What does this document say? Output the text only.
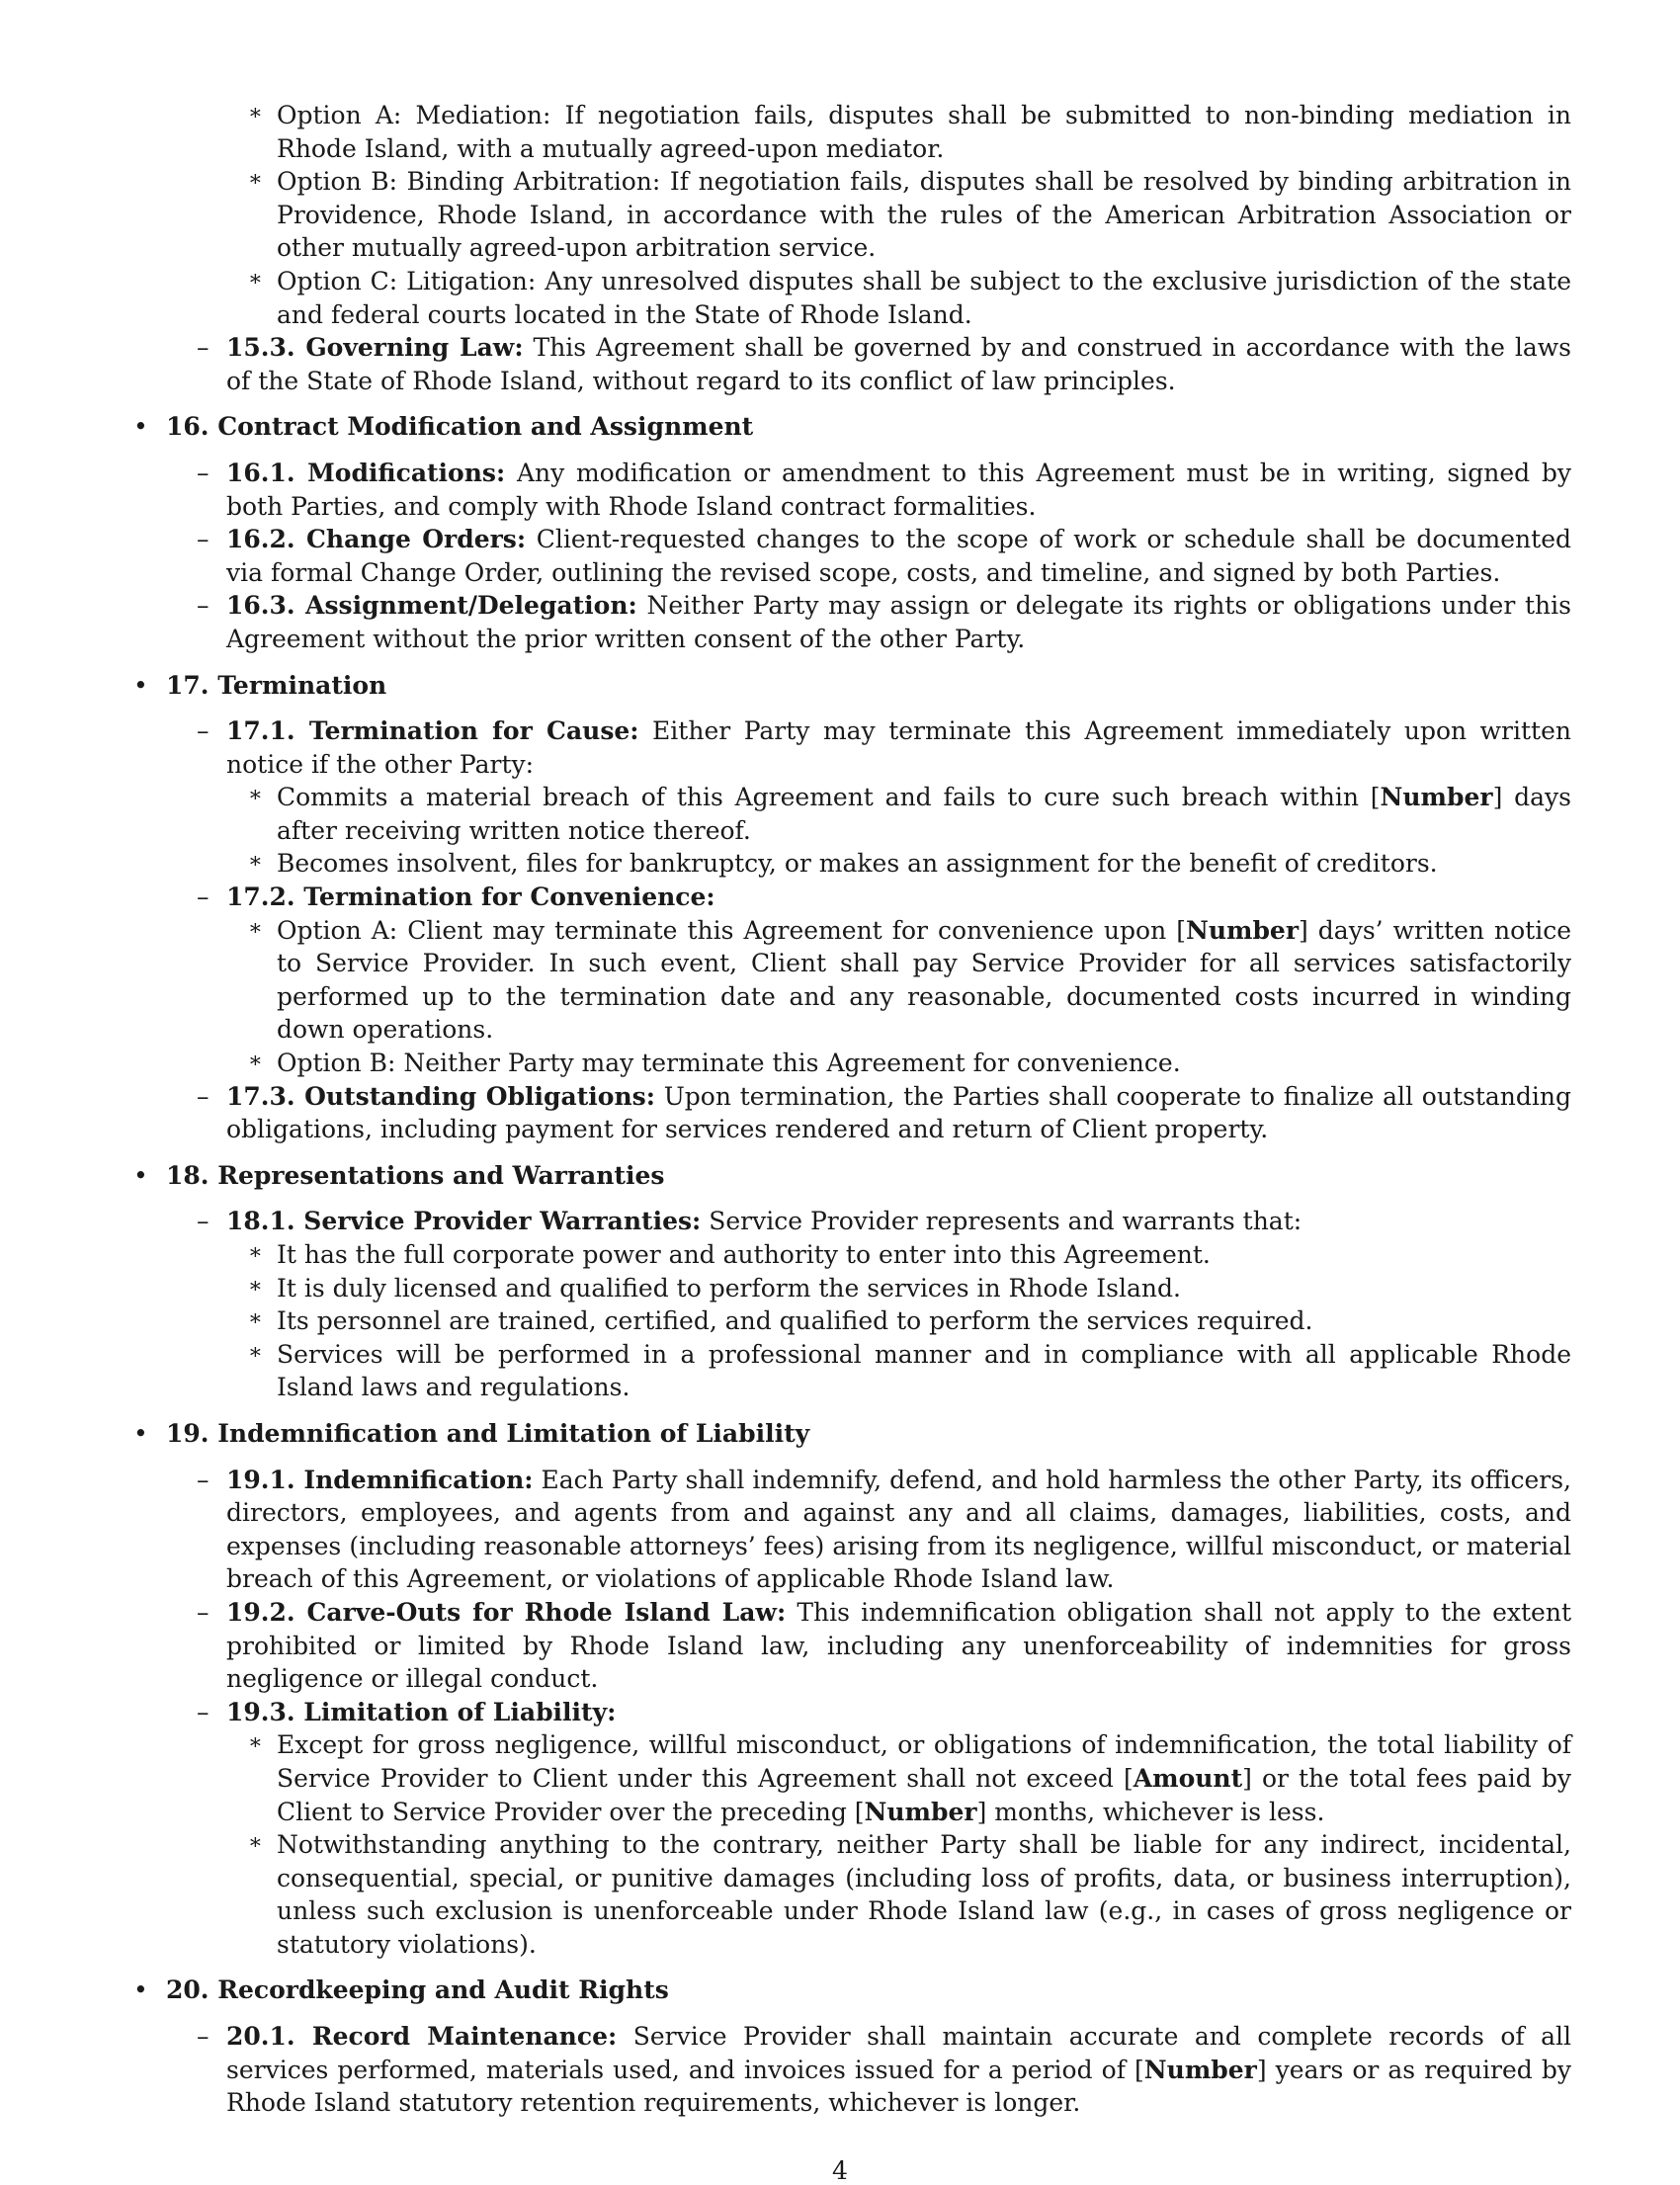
∗ Option A: Mediation: If negotiation fails, disputes shall be submitted to non-binding mediation in Rhode Island, with a mutually agreed-upon mediator.
∗ Option B: Binding Arbitration: If negotiation fails, disputes shall be resolved by binding arbitration in Providence, Rhode Island, in accordance with the rules of the American Arbitration Association or other mutually agreed-upon arbitration service.
∗ Option C: Litigation: Any unresolved disputes shall be subject to the exclusive jurisdiction of the state and federal courts located in the State of Rhode Island.
– 15.3. Governing Law: This Agreement shall be governed by and construed in accordance with the laws of the State of Rhode Island, without regard to its conflict of law principles.
• 16. Contract Modification and Assignment
– 16.1. Modifications: Any modification or amendment to this Agreement must be in writing, signed by both Parties, and comply with Rhode Island contract formalities.
– 16.2. Change Orders: Client-requested changes to the scope of work or schedule shall be documented via formal Change Order, outlining the revised scope, costs, and timeline, and signed by both Parties.
– 16.3. Assignment/Delegation: Neither Party may assign or delegate its rights or obligations under this Agreement without the prior written consent of the other Party.
• 17. Termination
– 17.1. Termination for Cause: Either Party may terminate this Agreement immediately upon written notice if the other Party:
∗ Commits a material breach of this Agreement and fails to cure such breach within [Number] days after receiving written notice thereof.
∗ Becomes insolvent, files for bankruptcy, or makes an assignment for the benefit of creditors.
– 17.2. Termination for Convenience:
∗ Option A: Client may terminate this Agreement for convenience upon [Number] days’ written notice to Service Provider. In such event, Client shall pay Service Provider for all services satisfactorily performed up to the termination date and any reasonable, documented costs incurred in winding down operations.
∗ Option B: Neither Party may terminate this Agreement for convenience.
– 17.3. Outstanding Obligations: Upon termination, the Parties shall cooperate to finalize all outstanding obligations, including payment for services rendered and return of Client property.
• 18. Representations and Warranties
– 18.1. Service Provider Warranties: Service Provider represents and warrants that:
∗ It has the full corporate power and authority to enter into this Agreement.
∗ It is duly licensed and qualified to perform the services in Rhode Island.
∗ Its personnel are trained, certified, and qualified to perform the services required.
∗ Services will be performed in a professional manner and in compliance with all applicable Rhode Island laws and regulations.
• 19. Indemnification and Limitation of Liability
– 19.1. Indemnification: Each Party shall indemnify, defend, and hold harmless the other Party, its officers, directors, employees, and agents from and against any and all claims, damages, liabilities, costs, and expenses (including reasonable attorneys’ fees) arising from its negligence, willful misconduct, or material breach of this Agreement, or violations of applicable Rhode Island law.
– 19.2. Carve-Outs for Rhode Island Law: This indemnification obligation shall not apply to the extent prohibited or limited by Rhode Island law, including any unenforceability of indemnities for gross negligence or illegal conduct.
– 19.3. Limitation of Liability:
∗ Except for gross negligence, willful misconduct, or obligations of indemnification, the total liability of Service Provider to Client under this Agreement shall not exceed [Amount] or the total fees paid by Client to Service Provider over the preceding [Number] months, whichever is less.
∗ Notwithstanding anything to the contrary, neither Party shall be liable for any indirect, incidental, consequential, special, or punitive damages (including loss of profits, data, or business interruption), unless such exclusion is unenforceable under Rhode Island law (e.g., in cases of gross negligence or statutory violations).
• 20. Recordkeeping and Audit Rights
– 20.1. Record Maintenance: Service Provider shall maintain accurate and complete records of all services performed, materials used, and invoices issued for a period of [Number] years or as required by Rhode Island statutory retention requirements, whichever is longer.
4
